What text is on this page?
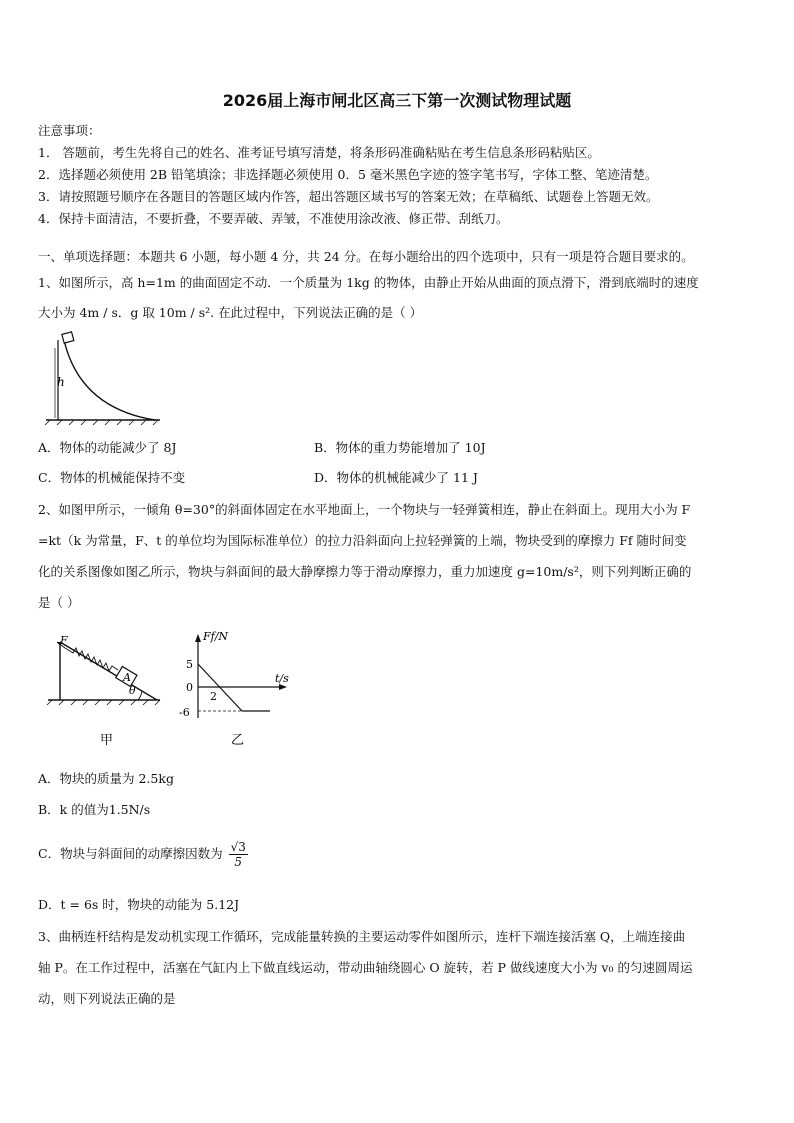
2026届上海市闸北区高三下第一次测试物理试题
注意事项：
1． 答题前，考生先将自己的姓名、准考证号填写清楚，将条形码准确粘贴在考生信息条形码粘贴区。
2．选择题必须使用 2B 铅笔填涂；非选择题必须使用 0．5 毫米黑色字迹的签字笔书写，字体工整、笔迹清楚。
3．请按照题号顺序在各题目的答题区域内作答，超出答题区域书写的答案无效；在草稿纸、试题卷上答题无效。
4．保持卡面清洁，不要折叠，不要弄破、弄皱，不准使用涂改液、修正带、刮纸刀。
一、单项选择题：本题共 6 小题，每小题 4 分，共 24 分。在每小题给出的四个选项中，只有一项是符合题目要求的。
1、如图所示，高 h=1m 的曲面固定不动．一个质量为 1kg 的物体，由静止开始从曲面的顶点滑下，滑到底端时的速度
大小为 4m / s．g 取 10m / s². 在此过程中，下列说法正确的是（ ）
h
A．物体的动能减少了 8J	B．物体的重力势能增加了 10J
C．物体的机械能保持不变	D．物体的机械能减少了 11 J
2、如图甲所示，一倾角 θ=30°的斜面体固定在水平地面上，一个物块与一轻弹簧相连，静止在斜面上。现用大小为 F
=kt（k 为常量，F、t 的单位均为国际标准单位）的拉力沿斜面向上拉轻弹簧的上端，物块受到的摩擦力 Ff 随时间变
化的关系图像如图乙所示，物块与斜面间的最大静摩擦力等于滑动摩擦力，重力加速度 g=10m/s²，则下列判断正确的
是（ ）
F
A
θ
甲
Ff/N
t/s
5
0
2
-6
乙
A．物块的质量为 2.5kg
B．k 的值为1.5N/s
C．物块与斜面间的动摩擦因数为 $\frac{√3}{5}$
D．t = 6s 时，物块的动能为 5.12J
3、曲柄连杆结构是发动机实现工作循环，完成能量转换的主要运动零件如图所示，连杆下端连接活塞 Q，上端连接曲
轴 P。在工作过程中，活塞在气缸内上下做直线运动，带动曲轴绕圆心 O 旋转，若 P 做线速度大小为 v₀ 的匀速圆周运
动，则下列说法正确的是
